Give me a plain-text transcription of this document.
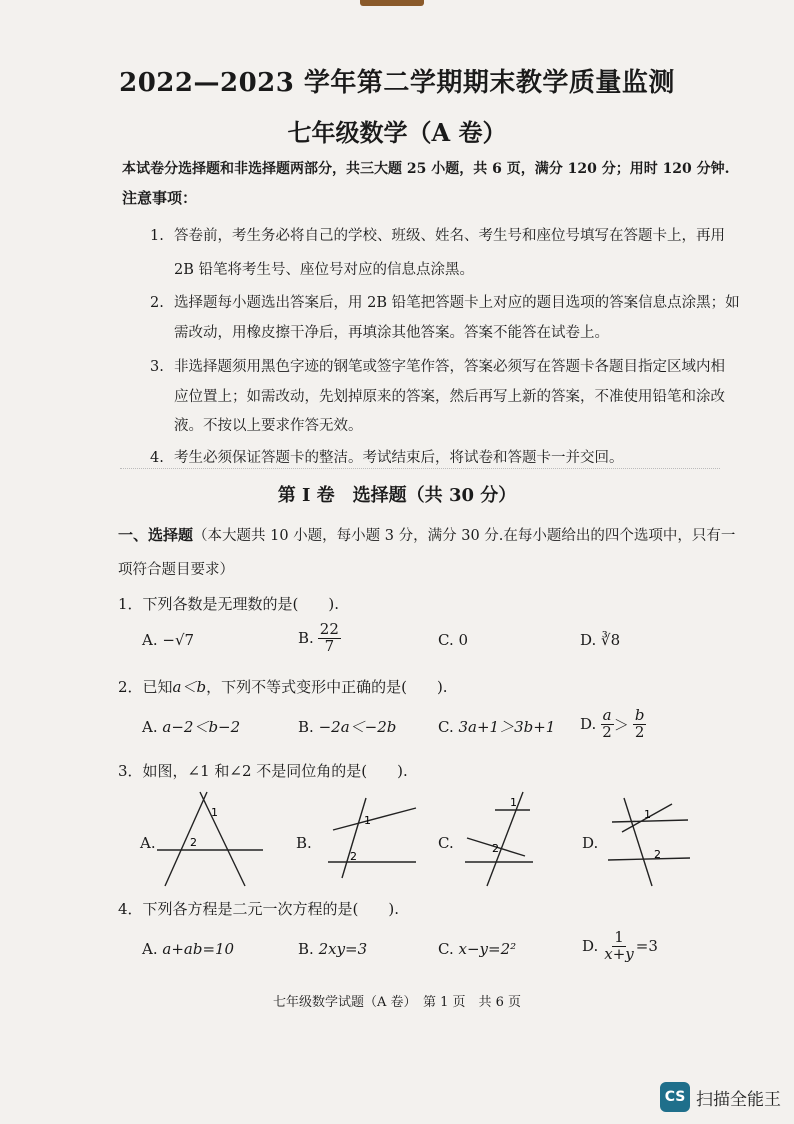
2022—2023 学年第二学期期末教学质量监测
七年级数学（A 卷）
本试卷分选择题和非选择题两部分，共三大题 25 小题，共 6 页，满分 120 分；用时 120 分钟.
注意事项：
1. 答卷前，考生务必将自己的学校、班级、姓名、考生号和座位号填写在答题卡上，再用
2B 铅笔将考生号、座位号对应的信息点涂黑。
2. 选择题每小题选出答案后，用 2B 铅笔把答题卡上对应的题目选项的答案信息点涂黑；如
需改动，用橡皮擦干净后，再填涂其他答案。答案不能答在试卷上。
3. 非选择题须用黑色字迹的钢笔或签字笔作答，答案必须写在答题卡各题目指定区域内相
应位置上；如需改动，先划掉原来的答案，然后再写上新的答案，不准使用铅笔和涂改
液。不按以上要求作答无效。
4. 考生必须保证答题卡的整洁。考试结束后，将试卷和答题卡一并交回。
第 I 卷　选择题（共 30 分）
一、选择题（本大题共 10 小题，每小题 3 分，满分 30 分.在每小题给出的四个选项中，只有一
项符合题目要求）
1．下列各数是无理数的是(　　).
A.
−√7	B. $\frac{22}{7}$	C.
0	D.
∛8
2．已知a＜b，下列不等式变形中正确的是(　　).
A.
a−2＜b−2	B.
−2a＜−2b	C.
3a+1＞3b+1 D. $\frac{a}{2} > \frac{b}{2}$
3．如图，∠1 和∠2 不是同位角的是(　　).
A.
1
2	B.
1
2
C.
1
2	D.
1
2
4．下列各方程是二元一次方程的是(　　).
A.
a+ab=10	B.
2xy=3	C.
x−y=2²	D. $\frac{1}{x+y} =3$
七年级数学试题（A 卷）　第 1 页　共 6 页
CS 扫描全能王
